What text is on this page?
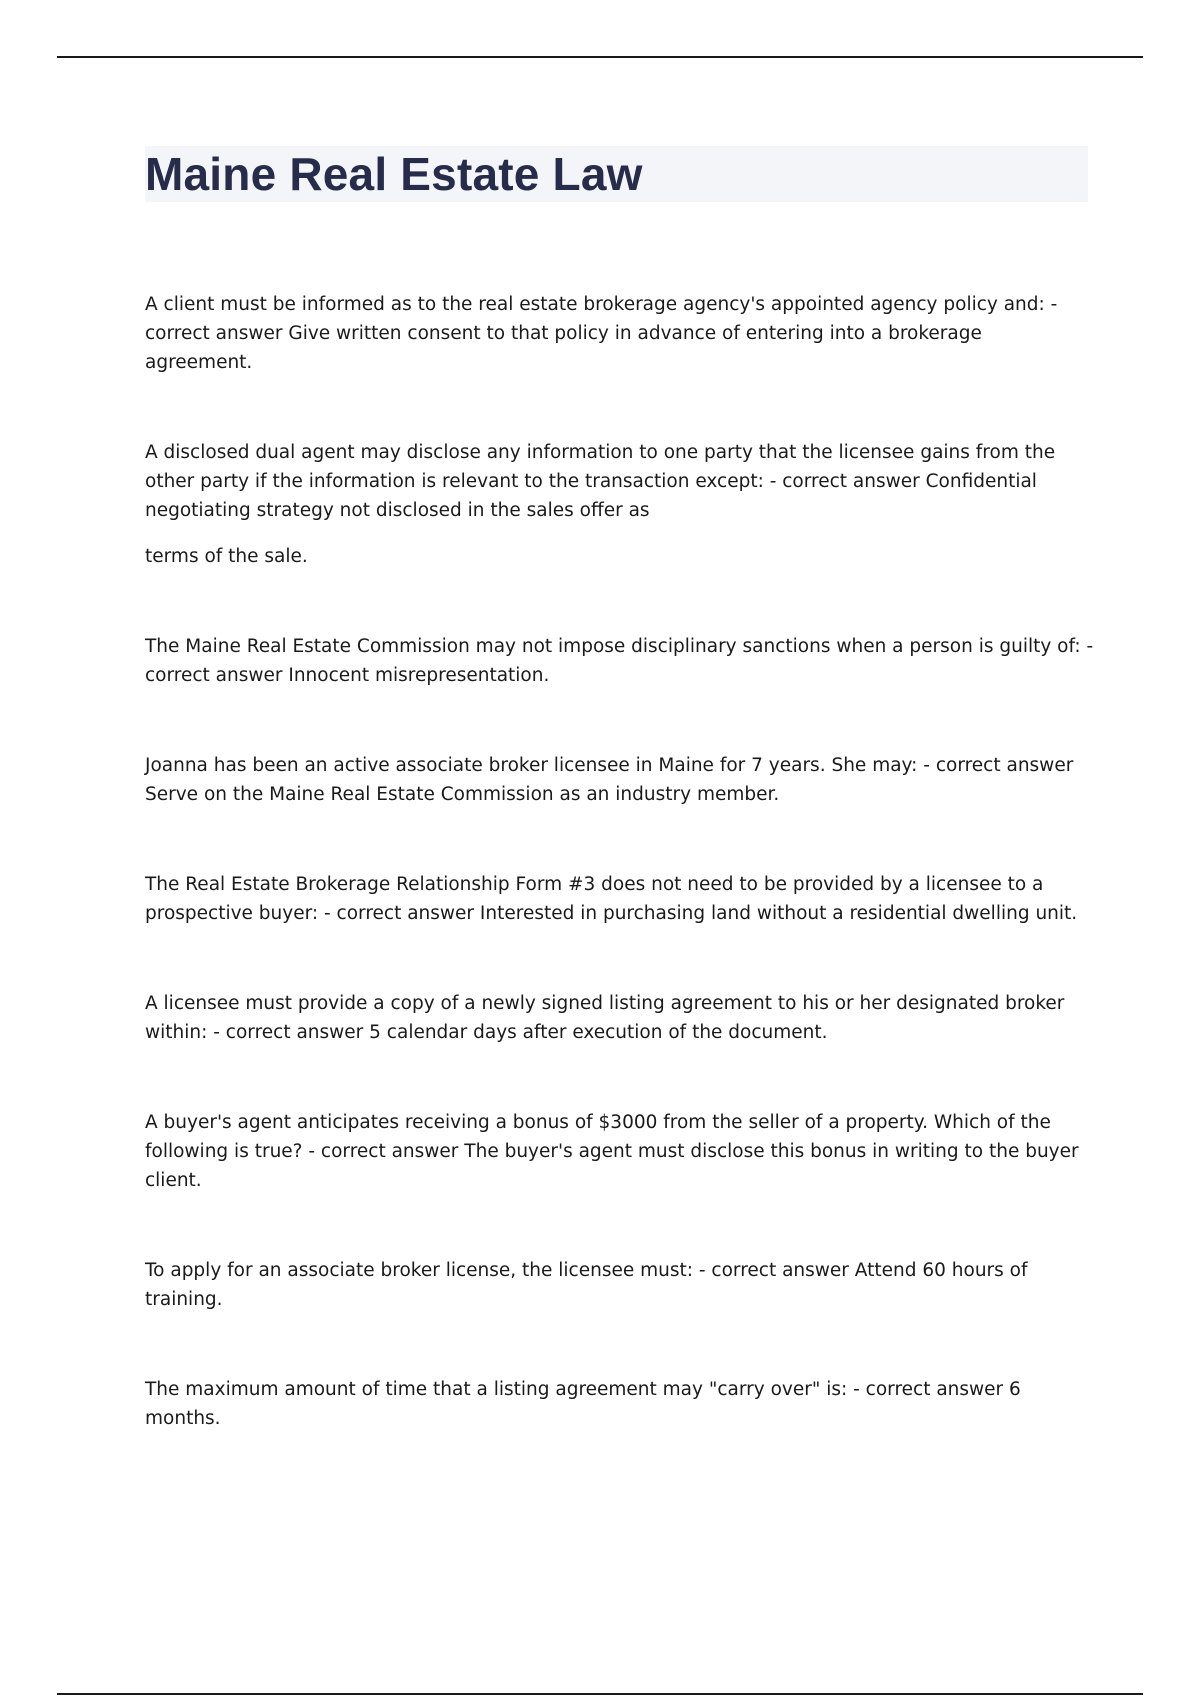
Maine Real Estate Law

A client must be informed as to the real estate brokerage agency's appointed agency policy and: - correct answer Give written consent to that policy in advance of entering into a brokerage agreement.

A disclosed dual agent may disclose any information to one party that the licensee gains from the other party if the information is relevant to the transaction except: - correct answer Confidential negotiating strategy not disclosed in the sales offer as
terms of the sale.

The Maine Real Estate Commission may not impose disciplinary sanctions when a person is guilty of: - correct answer Innocent misrepresentation.

Joanna has been an active associate broker licensee in Maine for 7 years. She may: - correct answer Serve on the Maine Real Estate Commission as an industry member.

The Real Estate Brokerage Relationship Form #3 does not need to be provided by a licensee to a prospective buyer: - correct answer Interested in purchasing land without a residential dwelling unit.

A licensee must provide a copy of a newly signed listing agreement to his or her designated broker within: - correct answer 5 calendar days after execution of the document.

A buyer's agent anticipates receiving a bonus of $3000 from the seller of a property. Which of the following is true? - correct answer The buyer's agent must disclose this bonus in writing to the buyer client.

To apply for an associate broker license, the licensee must: - correct answer Attend 60 hours of training.

The maximum amount of time that a listing agreement may "carry over" is: - correct answer 6 months.
